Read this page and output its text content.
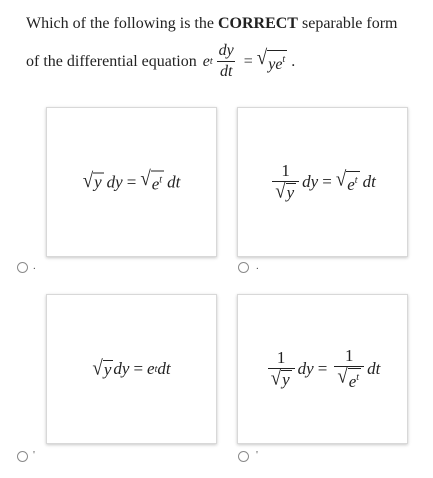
Which of the following is the CORRECT separable form
of the differential equation e t $\frac{dy}{dt}$ = √ $ye^t$ .
√ y dy = √ $e^t$ dt
.
$\frac{1}{√ y}$ dy = √ $e^t$ dt
.
√ y dy = e t dt
'
$\frac{1}{√ y}$ dy = $\frac{1}{√ e^t}$ dt
'
